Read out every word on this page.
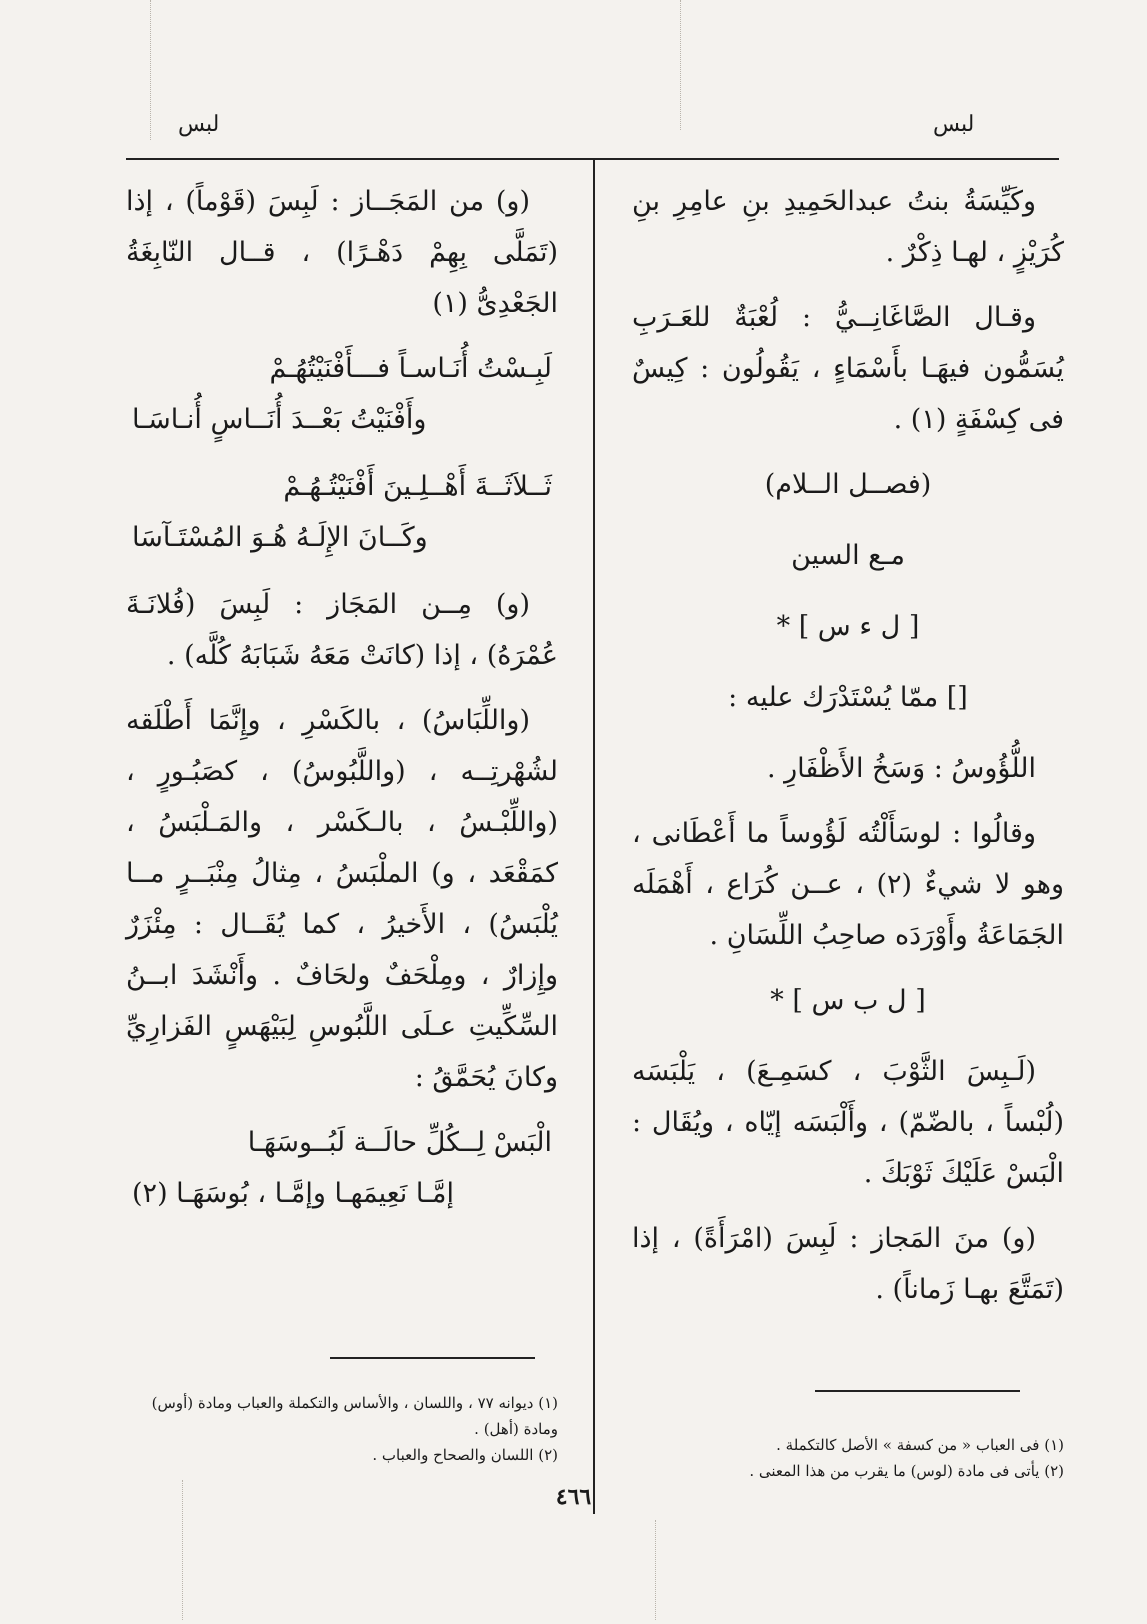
لبس
لبس

وكَيِّسَةُ بنتُ عبدالحَمِيدِ بنِ عامِرِ بنِ كُرَيْزٍ ، لهـا ذِكْرٌ .

وقـال الصَّاغَانِــيُّ : لُعْبَةٌ للعَـرَبِ يُسَمُّون فيهَـا بأَسْمَاءٍ ، يَقُولُون : كِيسٌ فى كِسْفَةٍ (١) .

(فصــل الــلام)

مـع السين

[ ل ء س ] *

[] ممّا يُسْتَدْرَك عليه :

اللُّؤُوسُ : وَسَخُ الأَظْفَارِ .

وقالُوا : لوسَأَلْتُه لَؤُوساً ما أَعْطَانى ، وهو لا شيءٌ (٢) ، عــن كُرَاع ، أَهْمَلَه الجَمَاعَةُ وأَوْرَدَه صاحِبُ اللِّسَانِ .

[ ل ب س ] *

(لَـبِسَ الثَّوْبَ ، كسَمِـعَ) ، يَلْبَسَه (لُبْساً ، بالضّمّ) ، وأَلْبَسَه إيّاه ، ويُقَال : الْبَسْ عَلَيْكَ ثَوْبَكَ .

(و) منَ المَجاز : لَبِسَ (امْرَأَةً) ، إذا (تَمَتَّعَ بهـا زَماناً) .

(و) من المَجَــاز : لَبِسَ (قَوْماً) ، إذا (تَمَلَّى بِهِمْ دَهْـرًا) ، قــال النّابِغَةُ الجَعْدِىُّ (١)

لَبِـسْتُ أُنَـاسـاً فـــأَفْنَيْتُهُـمْ
وأَفْنَيْتُ بَعْــدَ أُنَــاسٍ أُنـاسَـا
ثَــلاَثَــةَ أَهْــلِـينَ أَفْنَيْتُـهُـمْ
وكَــانَ الإِلَـهُ هُـوَ المُسْتَـآسَا

(و) مِــن المَجَاز : لَبِسَ (فُلانَـةَ عُمْرَهُ) ، إذا (كانَتْ مَعَهُ شَبَابَهُ كُلَّه) .

(واللِّبَاسُ) ، بالكَسْرِ ، وإِنَّمَا أَطْلَقه لشُهْرتِــه ، (واللَّبُوسُ) ، كصَبُـورٍ ، (واللِّبْـسُ ، بالـكَسْر ، والمَـلْبَسُ ، كمَقْعَد ، و) الملْبَسُ ، مِثالُ مِنْبَــرٍ مــا يُلْبَسُ) ، الأَخيرُ ، كما يُقَــال : مِئْزَرٌ وإِزارٌ ، ومِلْحَفٌ ولحَافٌ . وأَنْشَدَ ابــنُ السِّكِّيتِ عـلَى اللَّبُوسِ لِبَيْهَسٍ الفَزارِيِّ وكانَ يُحَمَّقُ :

الْبَسْ لِــكُلِّ حالَــة لَبُــوسَهَـا
إمَّـا نَعِيمَهـا وإمَّـا ، بُوسَهَـا (٢)
(١) فى العباب « من كسفة » الأصل كالتكملة .
(٢) يأتى فى مادة (لوس) ما يقرب من هذا المعنى .
(١) ديوانه ٧٧ ، واللسان ، والأساس والتكملة والعباب ومادة (أوس) ومادة (أهل) .
(٢) اللسان والصحاح والعباب .
٤٦٦
